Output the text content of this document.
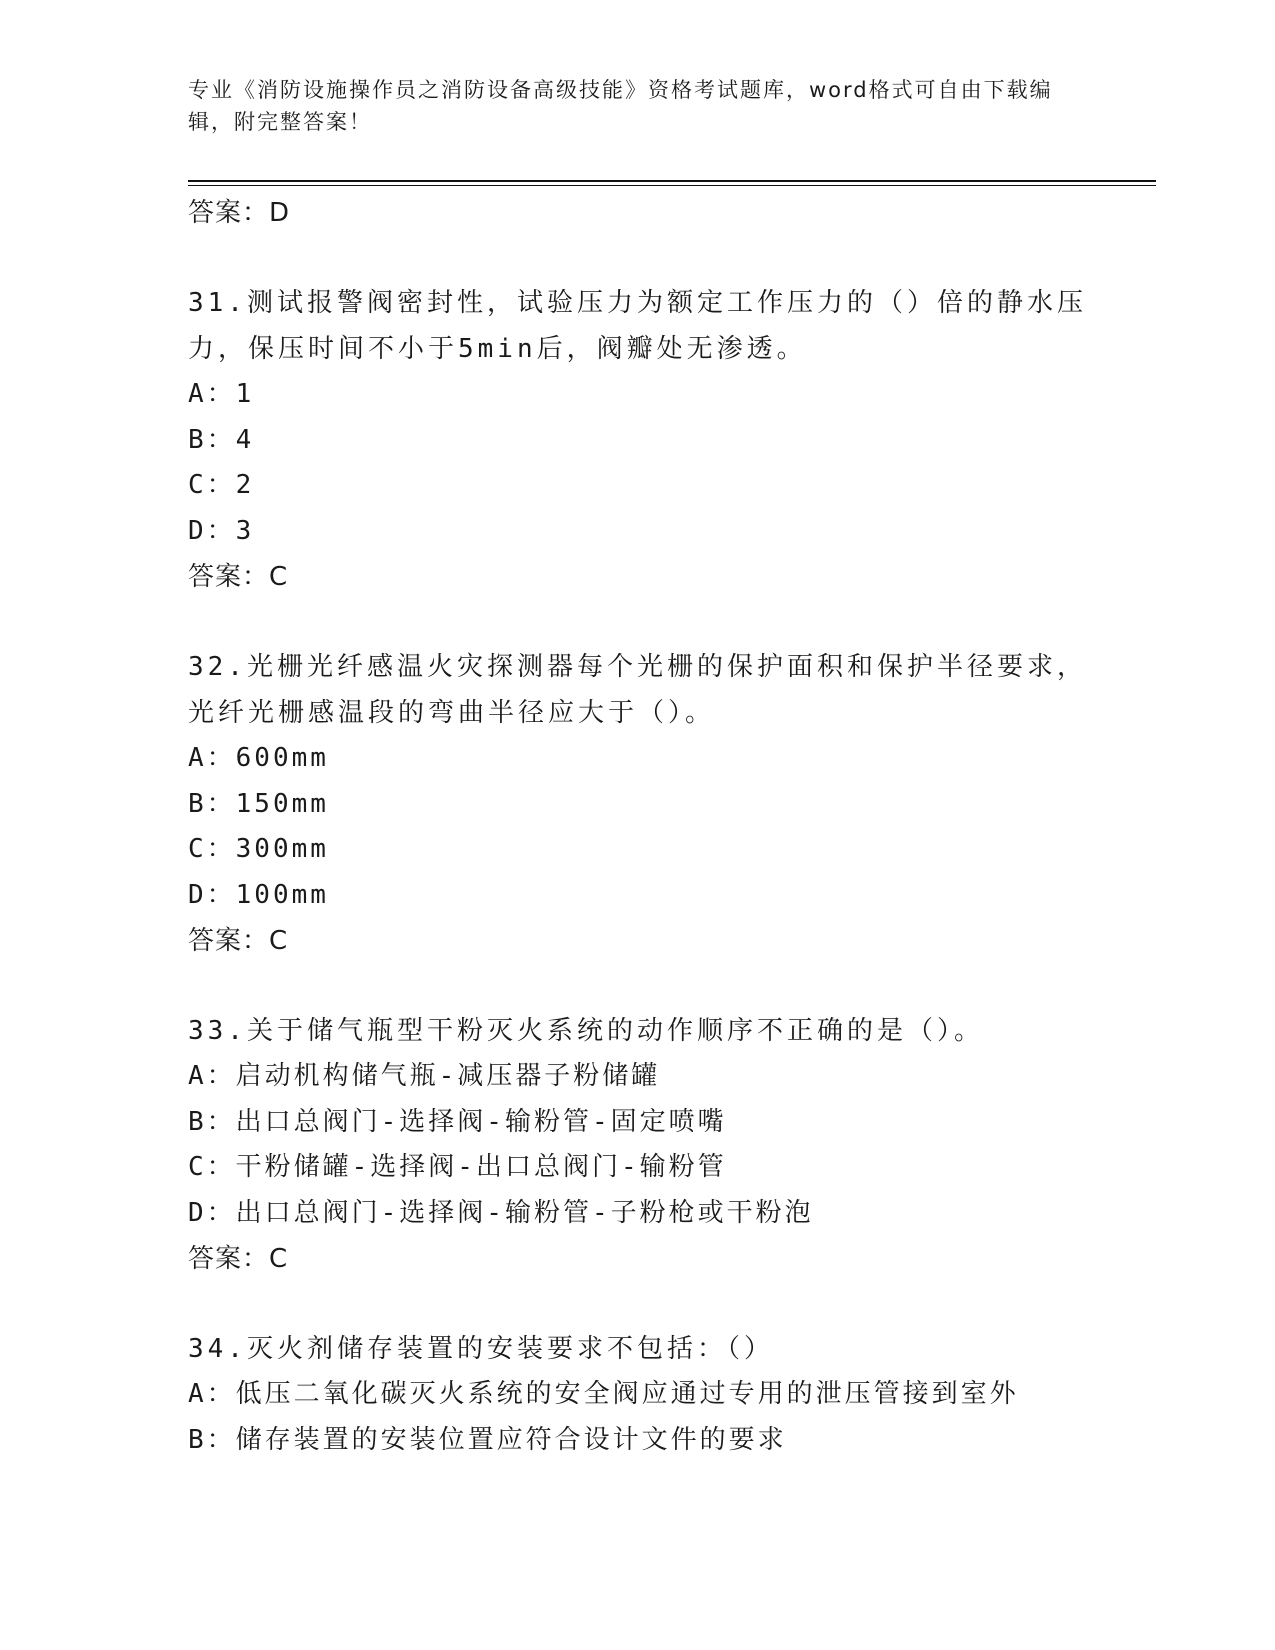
专业《消防设施操作员之消防设备高级技能》资格考试题库，word格式可自由下载编辑，附完整答案！
答案：D
31.测试报警阀密封性，试验压力为额定工作压力的（）倍的静水压力，保压时间不小于5min后，阀瓣处无渗透。
A：1
B：4
C：2
D：3
答案：C
32.光栅光纤感温火灾探测器每个光栅的保护面积和保护半径要求，光纤光栅感温段的弯曲半径应大于（）。
A：600mm
B：150mm
C：300mm
D：100mm
答案：C
33.关于储气瓶型干粉灭火系统的动作顺序不正确的是（）。
A：启动机构储气瓶-减压器子粉储罐
B：出口总阀门-选择阀-输粉管-固定喷嘴
C：干粉储罐-选择阀-出口总阀门-输粉管
D：出口总阀门-选择阀-输粉管-子粉枪或干粉泡
答案：C
34.灭火剂储存装置的安装要求不包括：（）
A：低压二氧化碳灭火系统的安全阀应通过专用的泄压管接到室外
B：储存装置的安装位置应符合设计文件的要求
